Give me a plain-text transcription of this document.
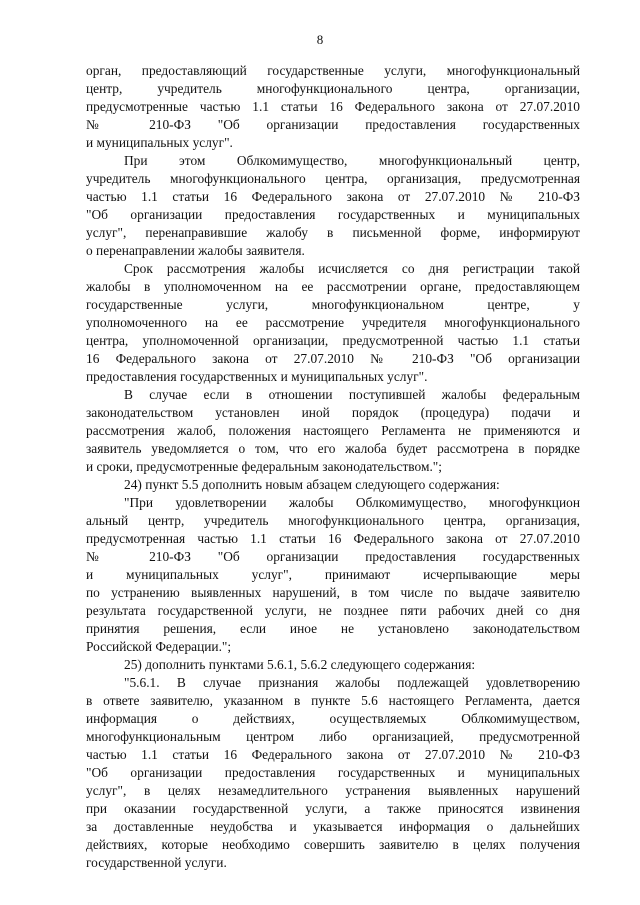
8
орган, предоставляющий государственные услуги, многофункциональный
центр, учредитель многофункционального центра, организации,
предусмотренные частью 1.1 статьи 16 Федерального закона от 27.07.2010
№ 210-ФЗ "Об организации предоставления государственных
и муниципальных услуг".
При этом Облкомимущество, многофункциональный центр,
учредитель многофункционального центра, организация, предусмотренная
частью 1.1 статьи 16 Федерального закона от 27.07.2010 № 210-ФЗ
"Об организации предоставления государственных и муниципальных
услуг", перенаправившие жалобу в письменной форме, информируют
о перенаправлении жалобы заявителя.
Срок рассмотрения жалобы исчисляется со дня регистрации такой
жалобы в уполномоченном на ее рассмотрении органе, предоставляющем
государственные услуги, многофункциональном центре, у
уполномоченного на ее рассмотрение учредителя многофункционального
центра, уполномоченной организации, предусмотренной частью 1.1 статьи
16 Федерального закона от 27.07.2010 № 210-ФЗ "Об организации
предоставления государственных и муниципальных услуг".
В случае если в отношении поступившей жалобы федеральным
законодательством установлен иной порядок (процедура) подачи и
рассмотрения жалоб, положения настоящего Регламента не применяются и
заявитель уведомляется о том, что его жалоба будет рассмотрена в порядке
и сроки, предусмотренные федеральным законодательством.";
24) пункт 5.5 дополнить новым абзацем следующего содержания:
"При удовлетворении жалобы Облкомимущество, многофункцион
альный центр, учредитель многофункционального центра, организация,
предусмотренная частью 1.1 статьи 16 Федерального закона от 27.07.2010
№ 210-ФЗ "Об организации предоставления государственных
и муниципальных услуг", принимают исчерпывающие меры
по устранению выявленных нарушений, в том числе по выдаче заявителю
результата государственной услуги, не позднее пяти рабочих дней со дня
принятия решения, если иное не установлено законодательством
Российской Федерации.";
25) дополнить пунктами 5.6.1, 5.6.2 следующего содержания:
"5.6.1. В случае признания жалобы подлежащей удовлетворению
в ответе заявителю, указанном в пункте 5.6 настоящего Регламента, дается
информация о действиях, осуществляемых Облкомимуществом,
многофункциональным центром либо организацией, предусмотренной
частью 1.1 статьи 16 Федерального закона от 27.07.2010 № 210-ФЗ
"Об организации предоставления государственных и муниципальных
услуг", в целях незамедлительного устранения выявленных нарушений
при оказании государственной услуги, а также приносятся извинения
за доставленные неудобства и указывается информация о дальнейших
действиях, которые необходимо совершить заявителю в целях получения
государственной услуги.
